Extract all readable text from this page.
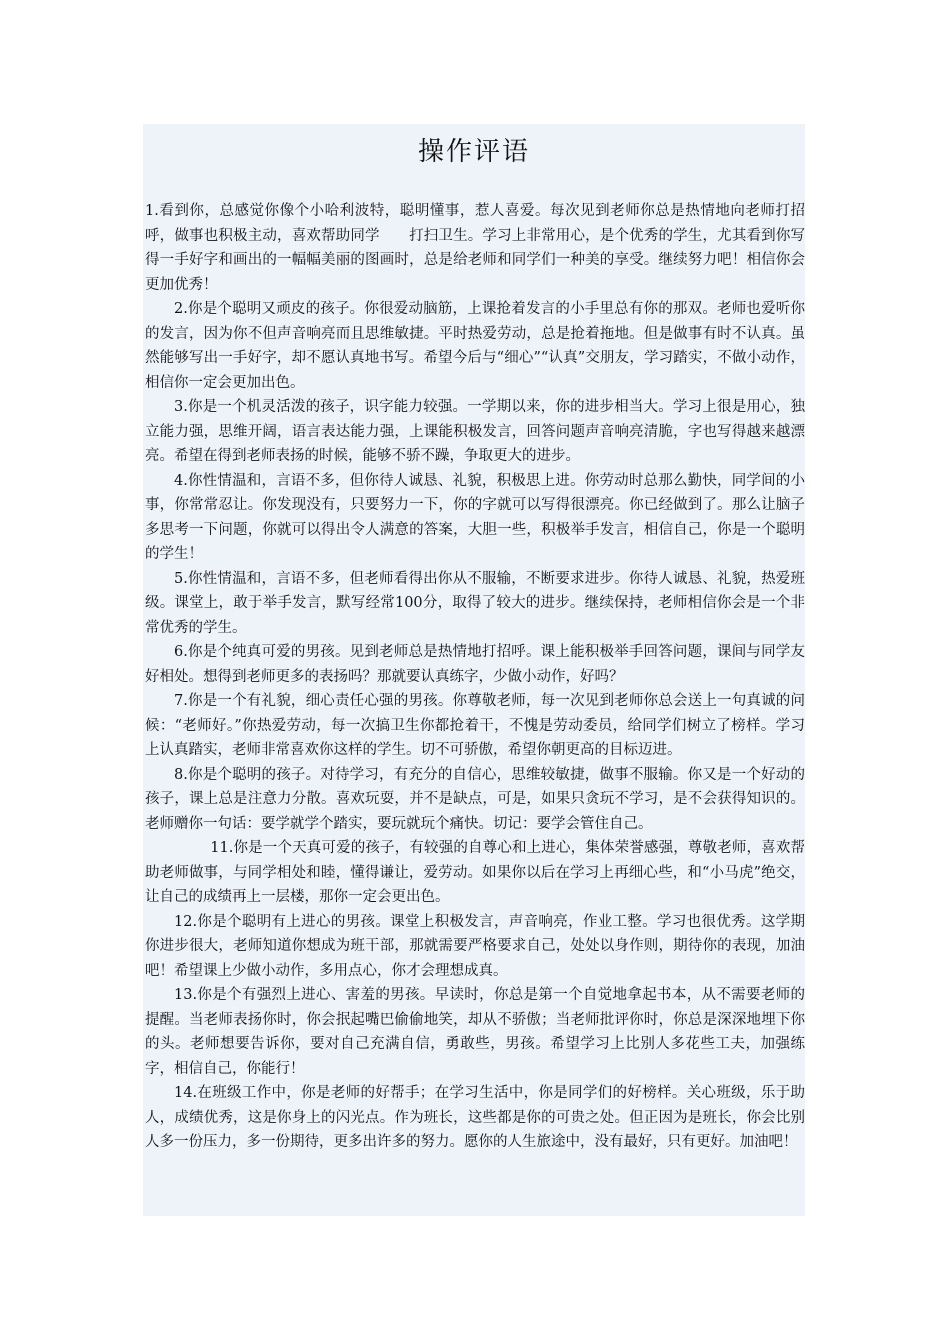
操作评语

1.看到你，总感觉你像个小哈利波特，聪明懂事，惹人喜爱。每次见到老师你总是热情地向老师打招呼，做事也积极主动，喜欢帮助同学　　打扫卫生。学习上非常用心，是个优秀的学生，尤其看到你写得一手好字和画出的一幅幅美丽的图画时，总是给老师和同学们一种美的享受。继续努力吧！相信你会更加优秀！

2.你是个聪明又顽皮的孩子。你很爱动脑筋，上课抢着发言的小手里总有你的那双。老师也爱听你的发言，因为你不但声音响亮而且思维敏捷。平时热爱劳动，总是抢着拖地。但是做事有时不认真。虽然能够写出一手好字，却不愿认真地书写。希望今后与“细心”“认真”交朋友，学习踏实，不做小动作，相信你一定会更加出色。

3.你是一个机灵活泼的孩子，识字能力较强。一学期以来，你的进步相当大。学习上很是用心，独立能力强，思维开阔，语言表达能力强，上课能积极发言，回答问题声音响亮清脆，字也写得越来越漂亮。希望在得到老师表扬的时候，能够不骄不躁，争取更大的进步。

4.你性情温和，言语不多，但你待人诚恳、礼貌，积极思上进。你劳动时总那么勤快，同学间的小事，你常常忍让。你发现没有，只要努力一下，你的字就可以写得很漂亮。你已经做到了。那么让脑子多思考一下问题，你就可以得出令人满意的答案，大胆一些，积极举手发言，相信自己，你是一个聪明的学生！

5.你性情温和，言语不多，但老师看得出你从不服输，不断要求进步。你待人诚恳、礼貌，热爱班级。课堂上，敢于举手发言，默写经常100分，取得了较大的进步。继续保持，老师相信你会是一个非常优秀的学生。

6.你是个纯真可爱的男孩。见到老师总是热情地打招呼。课上能积极举手回答问题，课间与同学友好相处。想得到老师更多的表扬吗？那就要认真练字，少做小动作，好吗？

7.你是一个有礼貌，细心责任心强的男孩。你尊敬老师，每一次见到老师你总会送上一句真诚的问候：“老师好。”你热爱劳动，每一次搞卫生你都抢着干，不愧是劳动委员，给同学们树立了榜样。学习上认真踏实，老师非常喜欢你这样的学生。切不可骄傲，希望你朝更高的目标迈进。

8.你是个聪明的孩子。对待学习，有充分的自信心，思维较敏捷，做事不服输。你又是一个好动的孩子，课上总是注意力分散。喜欢玩耍，并不是缺点，可是，如果只贪玩不学习，是不会获得知识的。老师赠你一句话：要学就学个踏实，要玩就玩个痛快。切记：要学会管住自己。

11.你是一个天真可爱的孩子，有较强的自尊心和上进心，集体荣誉感强，尊敬老师，喜欢帮助老师做事，与同学相处和睦，懂得谦让，爱劳动。如果你以后在学习上再细心些，和“小马虎”绝交，让自己的成绩再上一层楼，那你一定会更出色。

12.你是个聪明有上进心的男孩。课堂上积极发言，声音响亮，作业工整。学习也很优秀。这学期你进步很大，老师知道你想成为班干部，那就需要严格要求自己，处处以身作则，期待你的表现，加油吧！希望课上少做小动作，多用点心，你才会理想成真。

13.你是个有强烈上进心、害羞的男孩。早读时，你总是第一个自觉地拿起书本，从不需要老师的提醒。当老师表扬你时，你会抿起嘴巴偷偷地笑，却从不骄傲；当老师批评你时，你总是深深地埋下你的头。老师想要告诉你，要对自己充满自信，勇敢些，男孩。希望学习上比别人多花些工夫，加强练字，相信自己，你能行！

14.在班级工作中，你是老师的好帮手；在学习生活中，你是同学们的好榜样。关心班级，乐于助人，成绩优秀，这是你身上的闪光点。作为班长，这些都是你的可贵之处。但正因为是班长，你会比别人多一份压力，多一份期待，更多出许多的努力。愿你的人生旅途中，没有最好，只有更好。加油吧！
